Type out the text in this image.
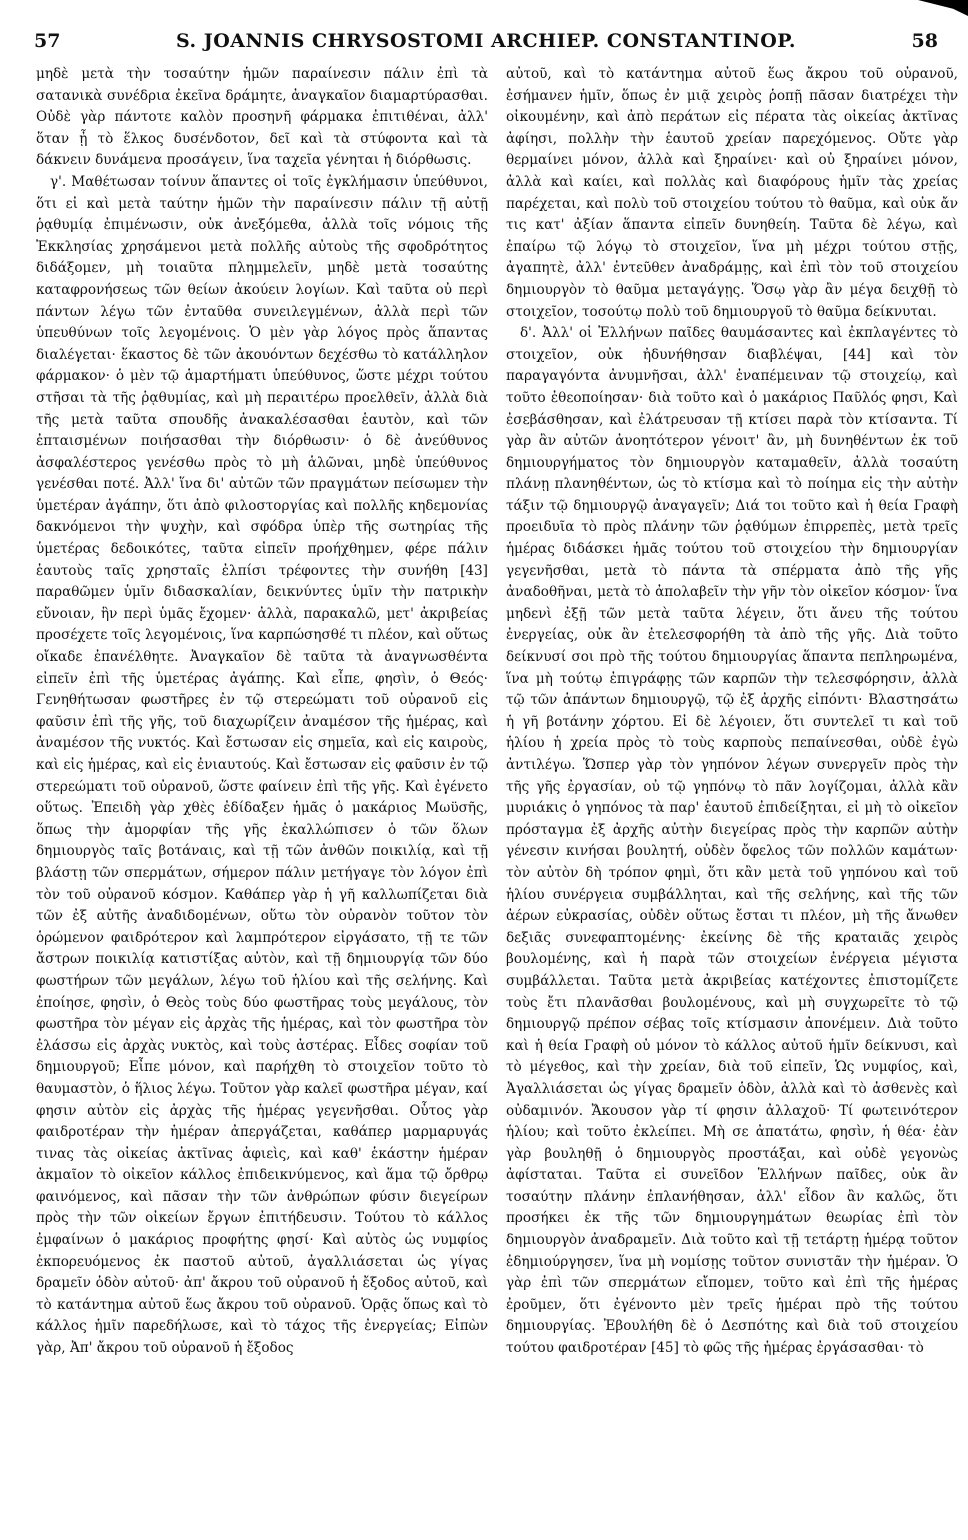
57	S. JOANNIS CHRYSOSTOMI ARCHIEP. CONSTANTINOP.	58

μηδὲ μετὰ τὴν τοσαύτην ἡμῶν παραίνεσιν πάλιν ἐπὶ τὰ σατανικὰ συνέδρια ἐκεῖνα δράμητε, ἀναγκαῖον διαμαρτύρασθαι. Οὐδὲ γὰρ πάντοτε καλὸν προσηνῆ φάρμακα ἐπιτιθέναι, ἀλλ' ὅταν ᾖ τὸ ἕλκος δυσένδοτον, δεῖ καὶ τὰ στύφοντα καὶ τὰ δάκνειν δυνάμενα προσάγειν, ἵνα ταχεῖα γένηται ἡ διόρθωσις.

γ'. Μαθέτωσαν τοίνυν ἅπαντες οἱ τοῖς ἐγκλήμασιν ὑπεύθυνοι, ὅτι εἰ καὶ μετὰ ταύτην ἡμῶν τὴν παραίνεσιν πάλιν τῇ αὐτῇ ῥᾳθυμίᾳ ἐπιμένωσιν, οὐκ ἀνεξόμεθα, ἀλλὰ τοῖς νόμοις τῆς Ἐκκλησίας χρησάμενοι μετὰ πολλῆς αὐτοὺς τῆς σφοδρότητος διδάξομεν, μὴ τοιαῦτα πλημμελεῖν, μηδὲ μετὰ τοσαύτης καταφρονήσεως τῶν θείων ἀκούειν λογίων. Καὶ ταῦτα οὐ περὶ πάντων λέγω τῶν ἐνταῦθα συνειλεγμένων, ἀλλὰ περὶ τῶν ὑπευθύνων τοῖς λεγομένοις. Ὁ μὲν γὰρ λόγος πρὸς ἅπαντας διαλέγεται· ἕκαστος δὲ τῶν ἀκουόντων δεχέσθω τὸ κατάλληλον φάρμακον· ὁ μὲν τῷ ἁμαρτήματι ὑπεύθυνος, ὥστε μέχρι τούτου στῆσαι τὰ τῆς ῥᾳθυμίας, καὶ μὴ περαιτέρω προελθεῖν, ἀλλὰ διὰ τῆς μετὰ ταῦτα σπουδῆς ἀνακαλέσασθαι ἑαυτὸν, καὶ τῶν ἐπταισμένων ποιήσασθαι τὴν διόρθωσιν· ὁ δὲ ἀνεύθυνος ἀσφαλέστερος γενέσθω πρὸς τὸ μὴ ἁλῶναι, μηδὲ ὑπεύθυνος γενέσθαι ποτέ. Ἀλλ' ἵνα δι' αὐτῶν τῶν πραγμάτων πείσωμεν τὴν ὑμετέραν ἀγάπην, ὅτι ἀπὸ φιλοστοργίας καὶ πολλῆς κηδεμονίας δακνόμενοι τὴν ψυχὴν, καὶ σφόδρα ὑπὲρ τῆς σωτηρίας τῆς ὑμετέρας δεδοικότες, ταῦτα εἰπεῖν προήχθημεν, φέρε πάλιν ἑαυτοὺς ταῖς χρησταῖς ἐλπίσι τρέφοντες τὴν συνήθη [43] παραθῶμεν ὑμῖν διδασκαλίαν, δεικνύντες ὑμῖν τὴν πατρικὴν εὔνοιαν, ἣν περὶ ὑμᾶς ἔχομεν· ἀλλὰ, παρακαλῶ, μετ' ἀκριβείας προσέχετε τοῖς λεγομένοις, ἵνα καρπώσησθέ τι πλέον, καὶ οὕτως οἴκαδε ἐπανέλθητε. Ἀναγκαῖον δὲ ταῦτα τὰ ἀναγνωσθέντα εἰπεῖν ἐπὶ τῆς ὑμετέρας ἀγάπης. Καὶ εἶπε, φησὶν, ὁ Θεός· Γενηθήτωσαν φωστῆρες ἐν τῷ στερεώματι τοῦ οὐρανοῦ εἰς φαῦσιν ἐπὶ τῆς γῆς, τοῦ διαχωρίζειν ἀναμέσον τῆς ἡμέρας, καὶ ἀναμέσον τῆς νυκτός. Καὶ ἔστωσαν εἰς σημεῖα, καὶ εἰς καιροὺς, καὶ εἰς ἡμέρας, καὶ εἰς ἐνιαυτούς. Καὶ ἔστωσαν εἰς φαῦσιν ἐν τῷ στερεώματι τοῦ οὐρανοῦ, ὥστε φαίνειν ἐπὶ τῆς γῆς. Καὶ ἐγένετο οὕτως. Ἐπειδὴ γὰρ χθὲς ἐδίδαξεν ἡμᾶς ὁ μακάριος Μωϋσῆς, ὅπως τὴν ἀμορφίαν τῆς γῆς ἐκαλλώπισεν ὁ τῶν ὅλων δημιουργὸς ταῖς βοτάναις, καὶ τῇ τῶν ἀνθῶν ποικιλίᾳ, καὶ τῇ βλάστῃ τῶν σπερμάτων, σήμερον πάλιν μετήγαγε τὸν λόγον ἐπὶ τὸν τοῦ οὐρανοῦ κόσμον. Καθάπερ γὰρ ἡ γῆ καλλωπίζεται διὰ τῶν ἐξ αὐτῆς ἀναδιδομένων, οὕτω τὸν οὐρανὸν τοῦτον τὸν ὁρώμενον φαιδρότερον καὶ λαμπρότερον εἰργάσατο, τῇ τε τῶν ἄστρων ποικιλίᾳ κατιστίξας αὐτὸν, καὶ τῇ δημιουργίᾳ τῶν δύο φωστήρων τῶν μεγάλων, λέγω τοῦ ἡλίου καὶ τῆς σελήνης. Καὶ ἐποίησε, φησὶν, ὁ Θεὸς τοὺς δύο φωστῆρας τοὺς μεγάλους, τὸν φωστῆρα τὸν μέγαν εἰς ἀρχὰς τῆς ἡμέρας, καὶ τὸν φωστῆρα τὸν ἐλάσσω εἰς ἀρχὰς νυκτὸς, καὶ τοὺς ἀστέρας. Εἶδες σοφίαν τοῦ δημιουργοῦ; Εἶπε μόνον, καὶ παρήχθη τὸ στοιχεῖον τοῦτο τὸ θαυμαστὸν, ὁ ἥλιος λέγω. Τοῦτον γὰρ καλεῖ φωστῆρα μέγαν, καί φησιν αὐτὸν εἰς ἀρχὰς τῆς ἡμέρας γεγενῆσθαι. Οὗτος γὰρ φαιδροτέραν τὴν ἡμέραν ἀπεργάζεται, καθάπερ μαρμαρυγάς τινας τὰς οἰκείας ἀκτῖνας ἀφιεὶς, καὶ καθ' ἑκάστην ἡμέραν ἀκμαῖον τὸ οἰκεῖον κάλλος ἐπιδεικνύμενος, καὶ ἅμα τῷ ὄρθρῳ φαινόμενος, καὶ πᾶσαν τὴν τῶν ἀνθρώπων φύσιν διεγείρων πρὸς τὴν τῶν οἰκείων ἔργων ἐπιτήδευσιν. Τούτου τὸ κάλλος ἐμφαίνων ὁ μακάριος προφήτης φησί· Καὶ αὐτὸς ὡς νυμφίος ἐκπορευόμενος ἐκ παστοῦ αὐτοῦ, ἀγαλλιάσεται ὡς γίγας δραμεῖν ὁδὸν αὐτοῦ· ἀπ' ἄκρου τοῦ οὐρανοῦ ἡ ἔξοδος αὐτοῦ, καὶ τὸ κατάντημα αὐτοῦ ἕως ἄκρου τοῦ οὐρανοῦ. Ὁρᾷς ὅπως καὶ τὸ κάλλος ἡμῖν παρεδήλωσε, καὶ τὸ τάχος τῆς ἐνεργείας; Εἰπὼν γὰρ, Ἀπ' ἄκρου τοῦ οὐρανοῦ ἡ ἔξοδος

αὐτοῦ, καὶ τὸ κατάντημα αὐτοῦ ἕως ἄκρου τοῦ οὐρανοῦ, ἐσήμανεν ἡμῖν, ὅπως ἐν μιᾷ χειρὸς ῥοπῇ πᾶσαν διατρέχει τὴν οἰκουμένην, καὶ ἀπὸ περάτων εἰς πέρατα τὰς οἰκείας ἀκτῖνας ἀφίησι, πολλὴν τὴν ἑαυτοῦ χρείαν παρεχόμενος. Οὔτε γὰρ θερμαίνει μόνον, ἀλλὰ καὶ ξηραίνει· καὶ οὐ ξηραίνει μόνον, ἀλλὰ καὶ καίει, καὶ πολλὰς καὶ διαφόρους ἡμῖν τὰς χρείας παρέχεται, καὶ πολὺ τοῦ στοιχείου τούτου τὸ θαῦμα, καὶ οὐκ ἄν τις κατ' ἀξίαν ἅπαντα εἰπεῖν δυνηθείη. Ταῦτα δὲ λέγω, καὶ ἐπαίρω τῷ λόγῳ τὸ στοιχεῖον, ἵνα μὴ μέχρι τούτου στῇς, ἀγαπητὲ, ἀλλ' ἐντεῦθεν ἀναδράμῃς, καὶ ἐπὶ τὸν τοῦ στοιχείου δημιουργὸν τὸ θαῦμα μεταγάγῃς. Ὅσῳ γὰρ ἂν μέγα δειχθῇ τὸ στοιχεῖον, τοσούτῳ πολὺ τοῦ δημιουργοῦ τὸ θαῦμα δείκνυται.

δ'. Ἀλλ' οἱ Ἑλλήνων παῖδες θαυμάσαντες καὶ ἐκπλαγέντες τὸ στοιχεῖον, οὐκ ἠδυνήθησαν διαβλέψαι, [44] καὶ τὸν παραγαγόντα ἀνυμνῆσαι, ἀλλ' ἐναπέμειναν τῷ στοιχείῳ, καὶ τοῦτο ἐθεοποίησαν· διὰ τοῦτο καὶ ὁ μακάριος Παῦλός φησι, Καὶ ἐσεβάσθησαν, καὶ ἐλάτρευσαν τῇ κτίσει παρὰ τὸν κτίσαντα. Τί γὰρ ἂν αὐτῶν ἀνοητότερον γένοιτ' ἂν, μὴ δυνηθέντων ἐκ τοῦ δημιουργήματος τὸν δημιουργὸν καταμαθεῖν, ἀλλὰ τοσαύτη πλάνῃ πλανηθέντων, ὡς τὸ κτίσμα καὶ τὸ ποίημα εἰς τὴν αὐτὴν τάξιν τῷ δημιουργῷ ἀναγαγεῖν; Διά τοι τοῦτο καὶ ἡ θεία Γραφὴ προειδυῖα τὸ πρὸς πλάνην τῶν ῥᾳθύμων ἐπιρρεπὲς, μετὰ τρεῖς ἡμέρας διδάσκει ἡμᾶς τούτου τοῦ στοιχείου τὴν δημιουργίαν γεγενῆσθαι, μετὰ τὸ πάντα τὰ σπέρματα ἀπὸ τῆς γῆς ἀναδοθῆναι, μετὰ τὸ ἀπολαβεῖν τὴν γῆν τὸν οἰκεῖον κόσμον· ἵνα μηδενὶ ἐξῇ τῶν μετὰ ταῦτα λέγειν, ὅτι ἄνευ τῆς τούτου ἐνεργείας, οὐκ ἂν ἐτελεσφορήθη τὰ ἀπὸ τῆς γῆς. Διὰ τοῦτο δείκνυσί σοι πρὸ τῆς τούτου δημιουργίας ἅπαντα πεπληρωμένα, ἵνα μὴ τούτῳ ἐπιγράφῃς τῶν καρπῶν τὴν τελεσφόρησιν, ἀλλὰ τῷ τῶν ἁπάντων δημιουργῷ, τῷ ἐξ ἀρχῆς εἰπόντι· Βλαστησάτω ἡ γῆ βοτάνην χόρτου. Εἰ δὲ λέγοιεν, ὅτι συντελεῖ τι καὶ τοῦ ἡλίου ἡ χρεία πρὸς τὸ τοὺς καρποὺς πεπαίνεσθαι, οὐδὲ ἐγὼ ἀντιλέγω. Ὥσπερ γὰρ τὸν γηπόνον λέγων συνεργεῖν πρὸς τὴν τῆς γῆς ἐργασίαν, οὐ τῷ γηπόνῳ τὸ πᾶν λογίζομαι, ἀλλὰ κἂν μυριάκις ὁ γηπόνος τὰ παρ' ἑαυτοῦ ἐπιδείξηται, εἰ μὴ τὸ οἰκεῖον πρόσταγμα ἐξ ἀρχῆς αὐτὴν διεγείρας πρὸς τὴν καρπῶν αὐτὴν γένεσιν κινήσαι βουλητή, οὐδὲν ὄφελος τῶν πολλῶν καμάτων· τὸν αὐτὸν δὴ τρόπον φημὶ, ὅτι κἂν μετὰ τοῦ γηπόνου καὶ τοῦ ἡλίου συνέργεια συμβάλληται, καὶ τῆς σελήνης, καὶ τῆς τῶν ἀέρων εὐκρασίας, οὐδὲν οὕτως ἔσται τι πλέον, μὴ τῆς ἄνωθεν δεξιᾶς συνεφαπτομένης· ἐκείνης δὲ τῆς κραταιᾶς χειρὸς βουλομένης, καὶ ἡ παρὰ τῶν στοιχείων ἐνέργεια μέγιστα συμβάλλεται. Ταῦτα μετὰ ἀκριβείας κατέχοντες ἐπιστομίζετε τοὺς ἔτι πλανᾶσθαι βουλομένους, καὶ μὴ συγχωρεῖτε τὸ τῷ δημιουργῷ πρέπον σέβας τοῖς κτίσμασιν ἀπονέμειν. Διὰ τοῦτο καὶ ἡ θεία Γραφὴ οὐ μόνον τὸ κάλλος αὐτοῦ ἡμῖν δείκνυσι, καὶ τὸ μέγεθος, καὶ τὴν χρείαν, διὰ τοῦ εἰπεῖν, Ὡς νυμφίος, καὶ, Ἀγαλλιάσεται ὡς γίγας δραμεῖν ὁδὸν, ἀλλὰ καὶ τὸ ἀσθενὲς καὶ οὐδαμινόν. Ἄκουσον γὰρ τί φησιν ἀλλαχοῦ· Τί φωτεινότερον ἡλίου; καὶ τοῦτο ἐκλείπει. Μὴ σε ἀπατάτω, φησὶν, ἡ θέα· ἐὰν γὰρ βουληθῇ ὁ δημιουργὸς προστάξαι, καὶ οὐδὲ γεγονὼς ἀφίσταται. Ταῦτα εἰ συνεῖδον Ἑλλήνων παῖδες, οὐκ ἂν τοσαύτην πλάνην ἐπλανήθησαν, ἀλλ' εἶδον ἂν καλῶς, ὅτι προσήκει ἐκ τῆς τῶν δημιουργημάτων θεωρίας ἐπὶ τὸν δημιουργὸν ἀναδραμεῖν. Διὰ τοῦτο καὶ τῇ τετάρτῃ ἡμέρᾳ τοῦτον ἐδημιούργησεν, ἵνα μὴ νομίσῃς τοῦτον συνιστᾶν τὴν ἡμέραν. Ὁ γὰρ ἐπὶ τῶν σπερμάτων εἴπομεν, τοῦτο καὶ ἐπὶ τῆς ἡμέρας ἐροῦμεν, ὅτι ἐγένοντο μὲν τρεῖς ἡμέραι πρὸ τῆς τούτου δημιουργίας. Ἐβουλήθη δὲ ὁ Δεσπότης καὶ διὰ τοῦ στοιχείου τούτου φαιδροτέραν [45] τὸ φῶς τῆς ἡμέρας ἐργάσασθαι· τὸ
